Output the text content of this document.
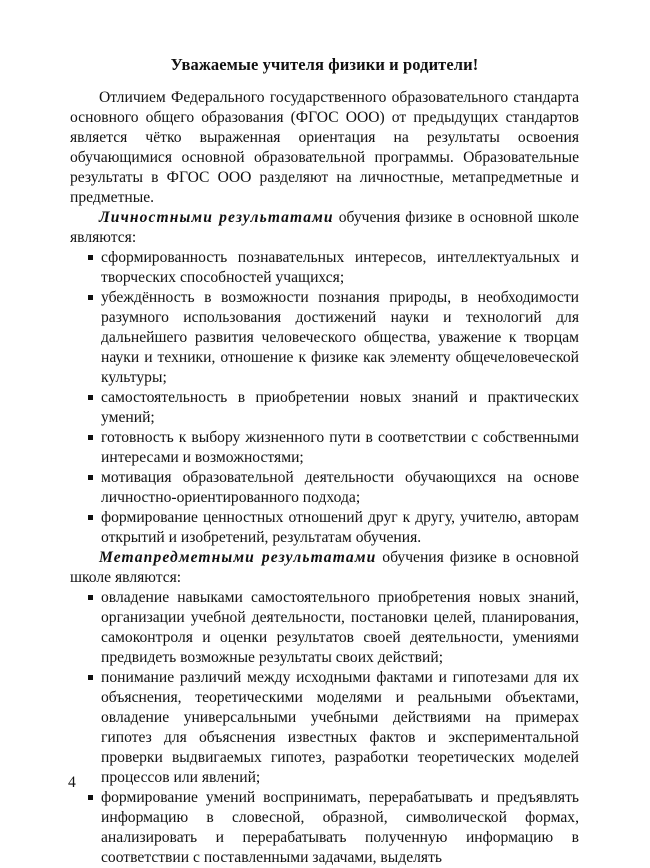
Уважаемые учителя физики и родители!

Отличием Федерального государственного образовательного стандарта основного общего образования (ФГОС ООО) от предыдущих стандартов является чётко выраженная ориентация на результаты освоения обучающимися основной образовательной программы. Образовательные результаты в ФГОС ООО разделяют на личностные, метапредметные и предметные.

Личностными результатами обучения физике в основной школе являются:

сформированность познавательных интересов, интеллектуальных и творческих способностей учащихся;
убеждённость в возможности познания природы, в необходимости разумного использования достижений науки и технологий для дальнейшего развития человеческого общества, уважение к творцам науки и техники, отношение к физике как элементу общечеловеческой культуры;
самостоятельность в приобретении новых знаний и практических умений;
готовность к выбору жизненного пути в соответствии с собственными интересами и возможностями;
мотивация образовательной деятельности обучающихся на основе личностно-ориентированного подхода;
формирование ценностных отношений друг к другу, учителю, авторам открытий и изобретений, результатам обучения.

Метапредметными результатами обучения физике в основной школе являются:

овладение навыками самостоятельного приобретения новых знаний, организации учебной деятельности, постановки целей, планирования, самоконтроля и оценки результатов своей деятельности, умениями предвидеть возможные результаты своих действий;
понимание различий между исходными фактами и гипотезами для их объяснения, теоретическими моделями и реальными объектами, овладение универсальными учебными действиями на примерах гипотез для объяснения известных фактов и экспериментальной проверки выдвигаемых гипотез, разработки теоретических моделей процессов или явлений;
формирование умений воспринимать, перерабатывать и предъявлять информацию в словесной, образной, символической формах, анализировать и перерабатывать полученную информацию в соответствии с поставленными задачами, выделять
4
